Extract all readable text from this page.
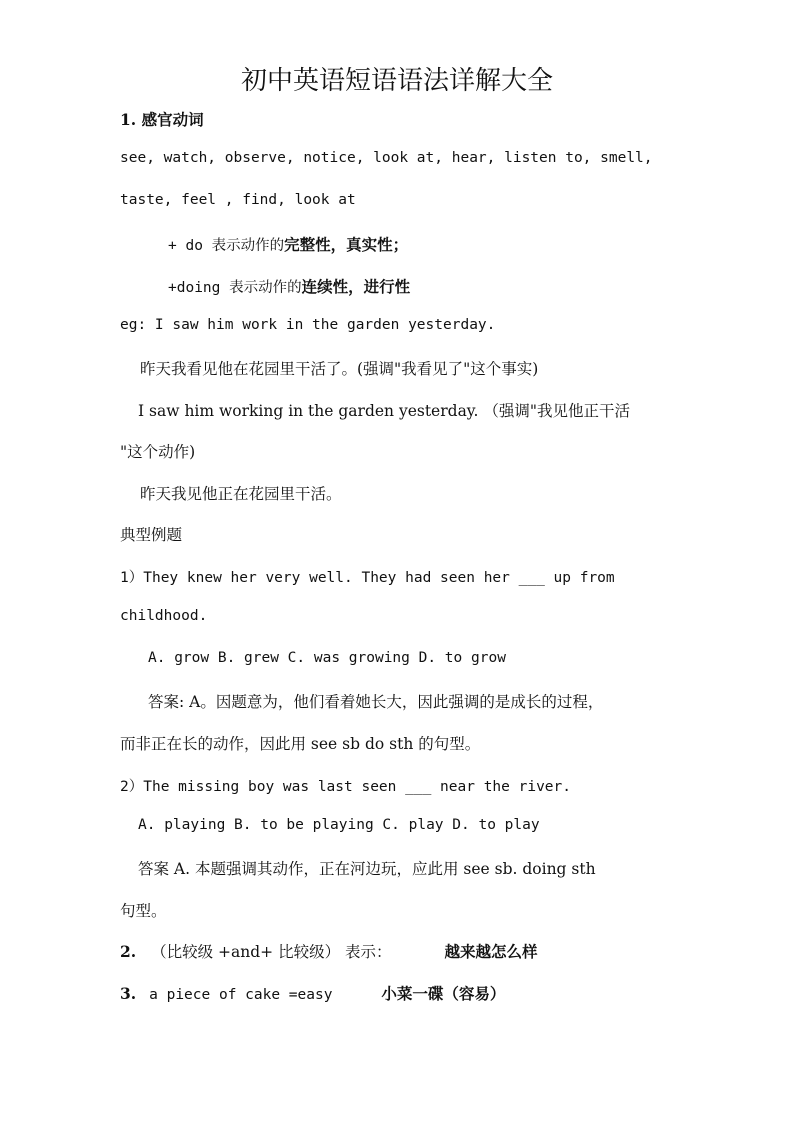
初中英语短语语法详解大全
1. 感官动词
see, watch, observe, notice, look at, hear, listen to, smell,
taste, feel , find, look at
+ do 表示动作的完整性，真实性；
+doing 表示动作的连续性，进行性
eg: I saw him work in the garden yesterday.
昨天我看见他在花园里干活了。(强调"我看见了"这个事实)
I saw him working in the garden yesterday. （强调"我见他正干活
"这个动作)
昨天我见他正在花园里干活。
典型例题
1）They knew her very well. They had seen her ___ up from
childhood.
A. grow B. grew C. was growing D. to grow
答案: A。因题意为，他们看着她长大，因此强调的是成长的过程，
而非正在长的动作，因此用 see sb do sth 的句型。
2）The missing boy was last seen ___ near the river.
A. playing B. to be playing C. play D. to play
答案 A. 本题强调其动作，正在河边玩，应此用 see sb. doing sth
句型。
2. （比较级 +and+ 比较级） 表示：	越来越怎么样
3. a piece of cake =easy	小菜一碟（容易）
